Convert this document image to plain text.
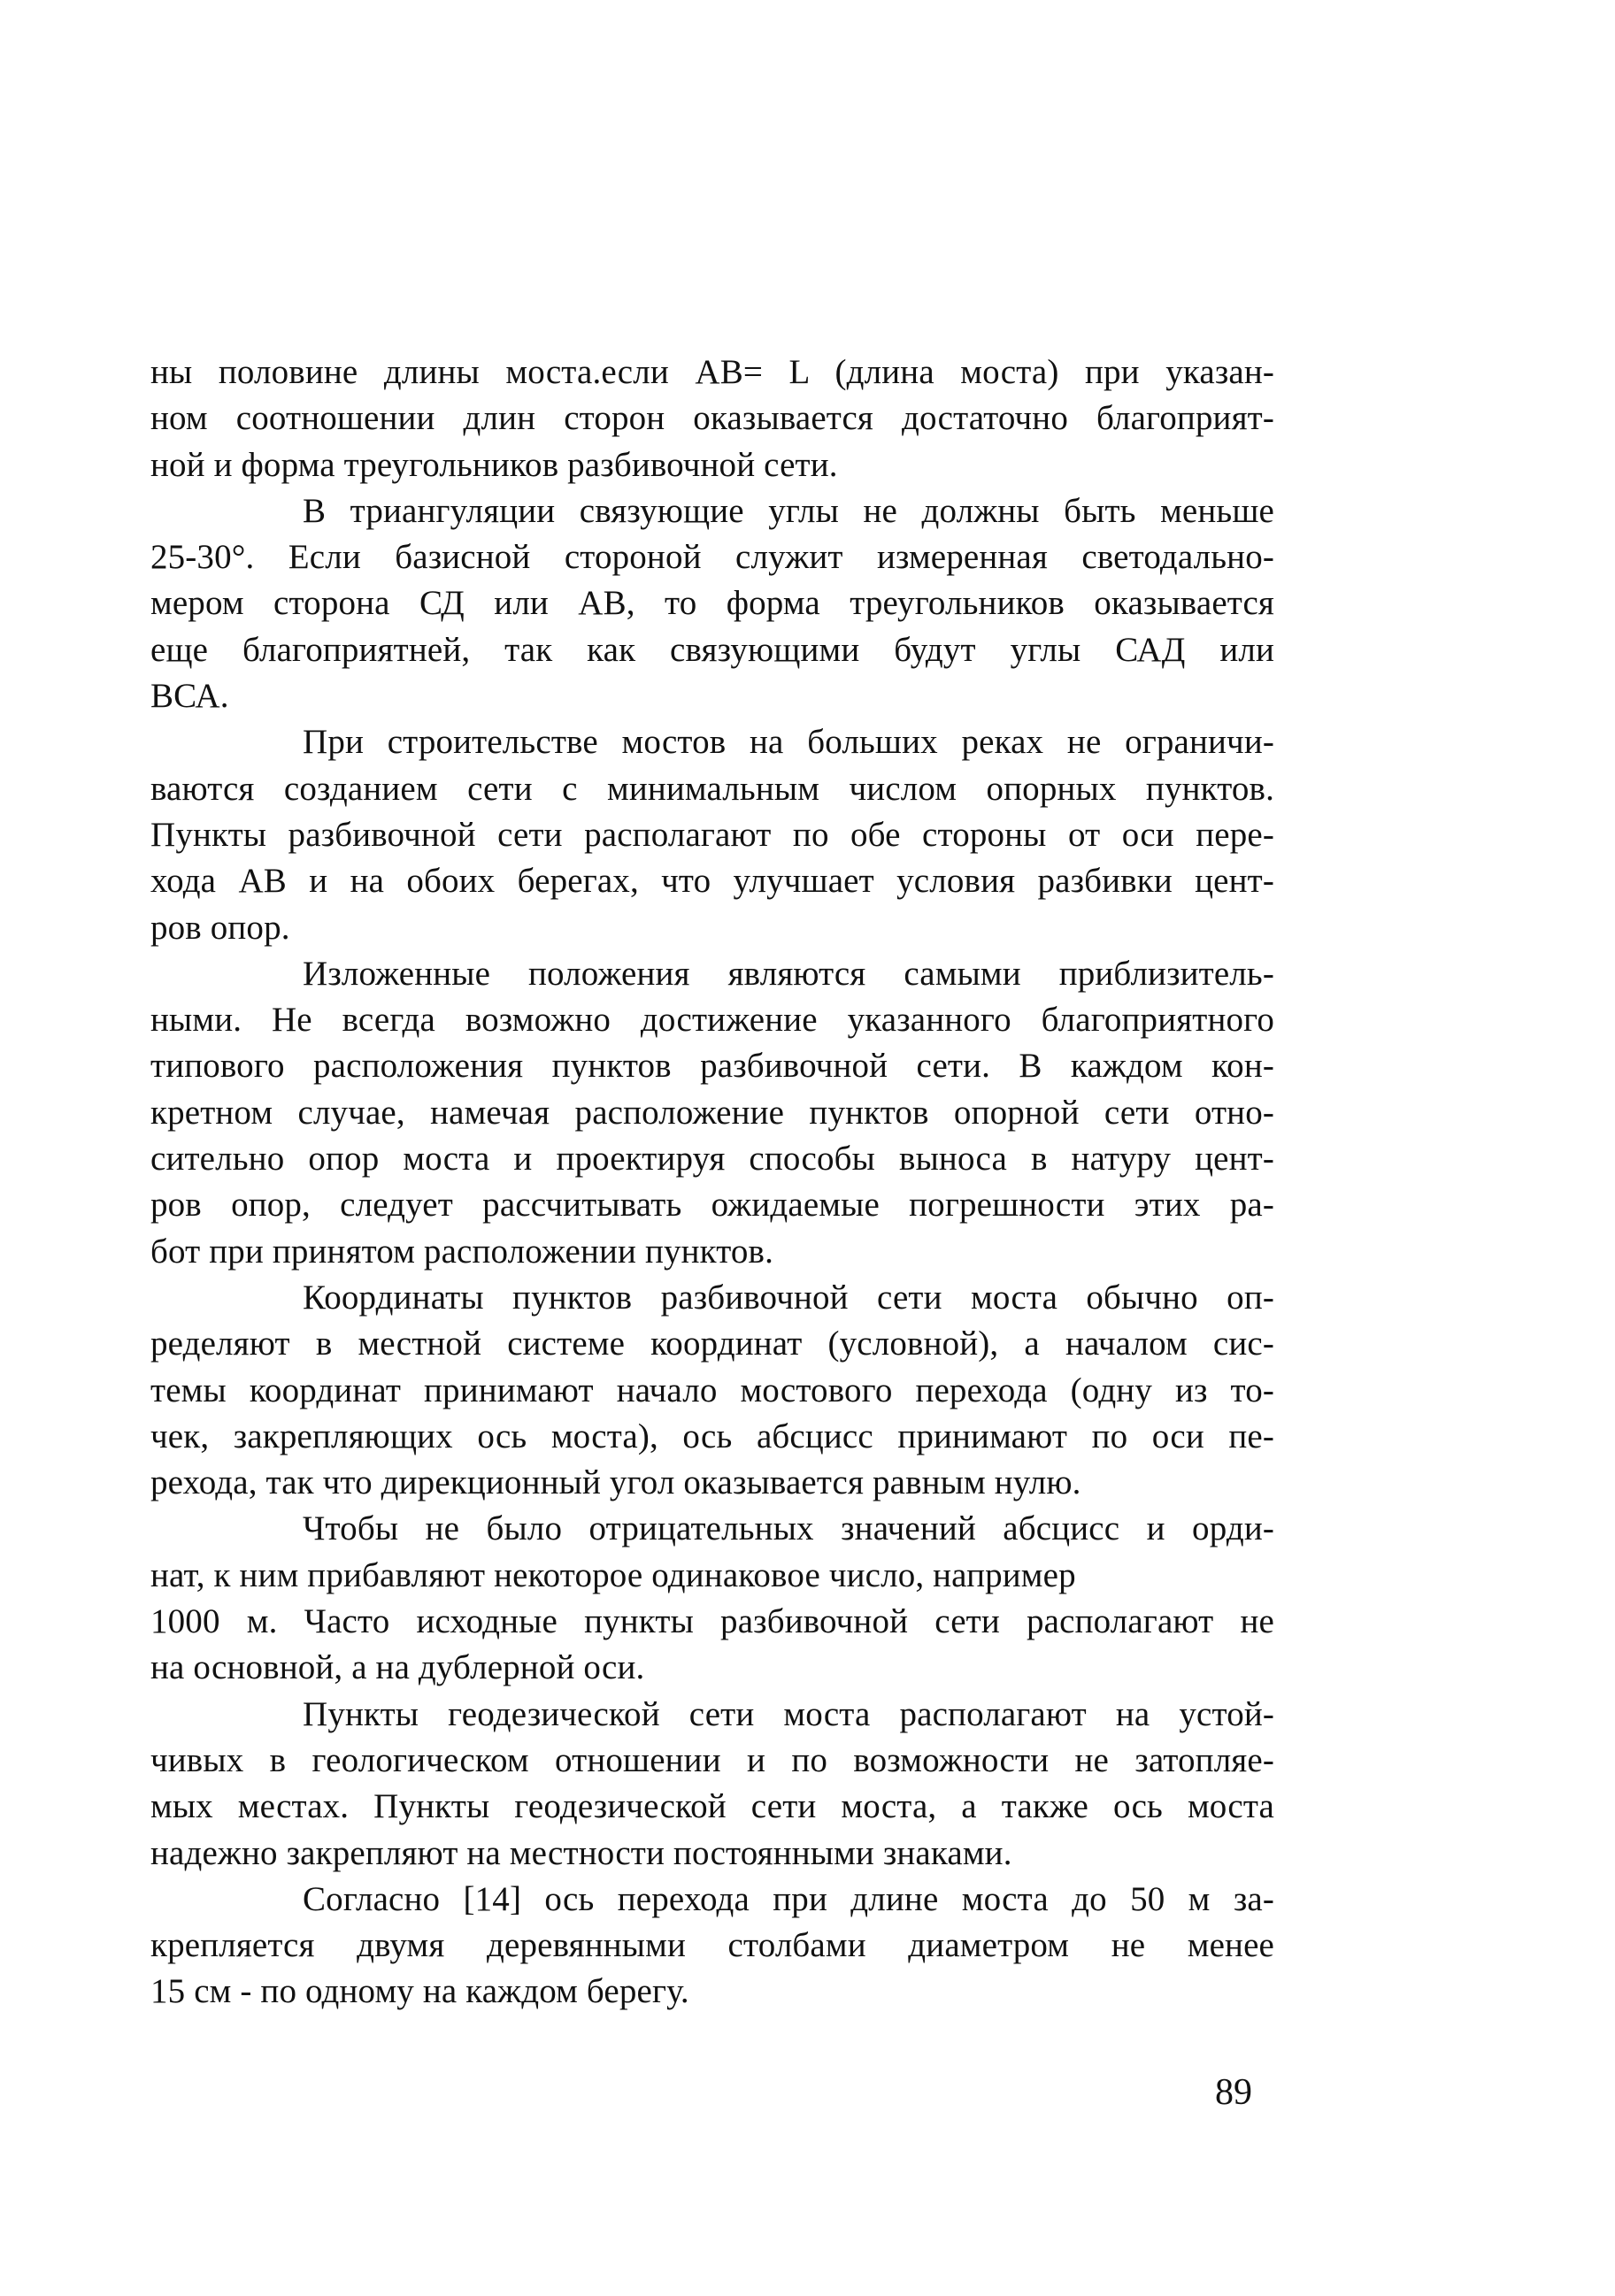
ны половине длины моста.если АВ= L (длина моста) при указан-
ном соотношении длин сторон оказывается достаточно благоприят-
ной и форма треугольников разбивочной сети.
В триангуляции связующие углы не должны быть меньше
25-30°. Если базисной стороной служит измеренная светодально-
мером сторона СД или АВ, то форма треугольников оказывается
еще благоприятней, так как связующими будут углы САД или
ВСА.
При строительстве мостов на больших реках не ограничи-
ваются созданием сети с минимальным числом опорных пунктов.
Пункты разбивочной сети располагают по обе стороны от оси пере-
хода АВ и на обоих берегах, что улучшает условия разбивки цент-
ров опор.
Изложенные положения являются самыми приблизитель-
ными. Не всегда возможно достижение указанного благоприятного
типового расположения пунктов разбивочной сети. В каждом кон-
кретном случае, намечая расположение пунктов опорной сети отно-
сительно опор моста и проектируя способы выноса в натуру цент-
ров опор, следует рассчитывать ожидаемые погрешности этих ра-
бот при принятом расположении пунктов.
Координаты пунктов разбивочной сети моста обычно оп-
ределяют в местной системе координат (условной), а началом сис-
темы координат принимают начало мостового перехода (одну из то-
чек, закрепляющих ось моста), ось абсцисс принимают по оси пе-
рехода, так что дирекционный угол оказывается равным нулю.
Чтобы не было отрицательных значений абсцисс и орди-
нат, к ним прибавляют некоторое одинаковое число, например
1000 м. Часто исходные пункты разбивочной сети располагают не
на основной, а на дублерной оси.
Пункты геодезической сети моста располагают на устой-
чивых в геологическом отношении и по возможности не затопляе-
мых местах. Пункты геодезической сети моста, а также ось моста
надежно закрепляют на местности постоянными знаками.
Согласно [14] ось перехода при длине моста до 50 м за-
крепляется двумя деревянными столбами диаметром не менее
15 см - по одному на каждом берегу.
89
